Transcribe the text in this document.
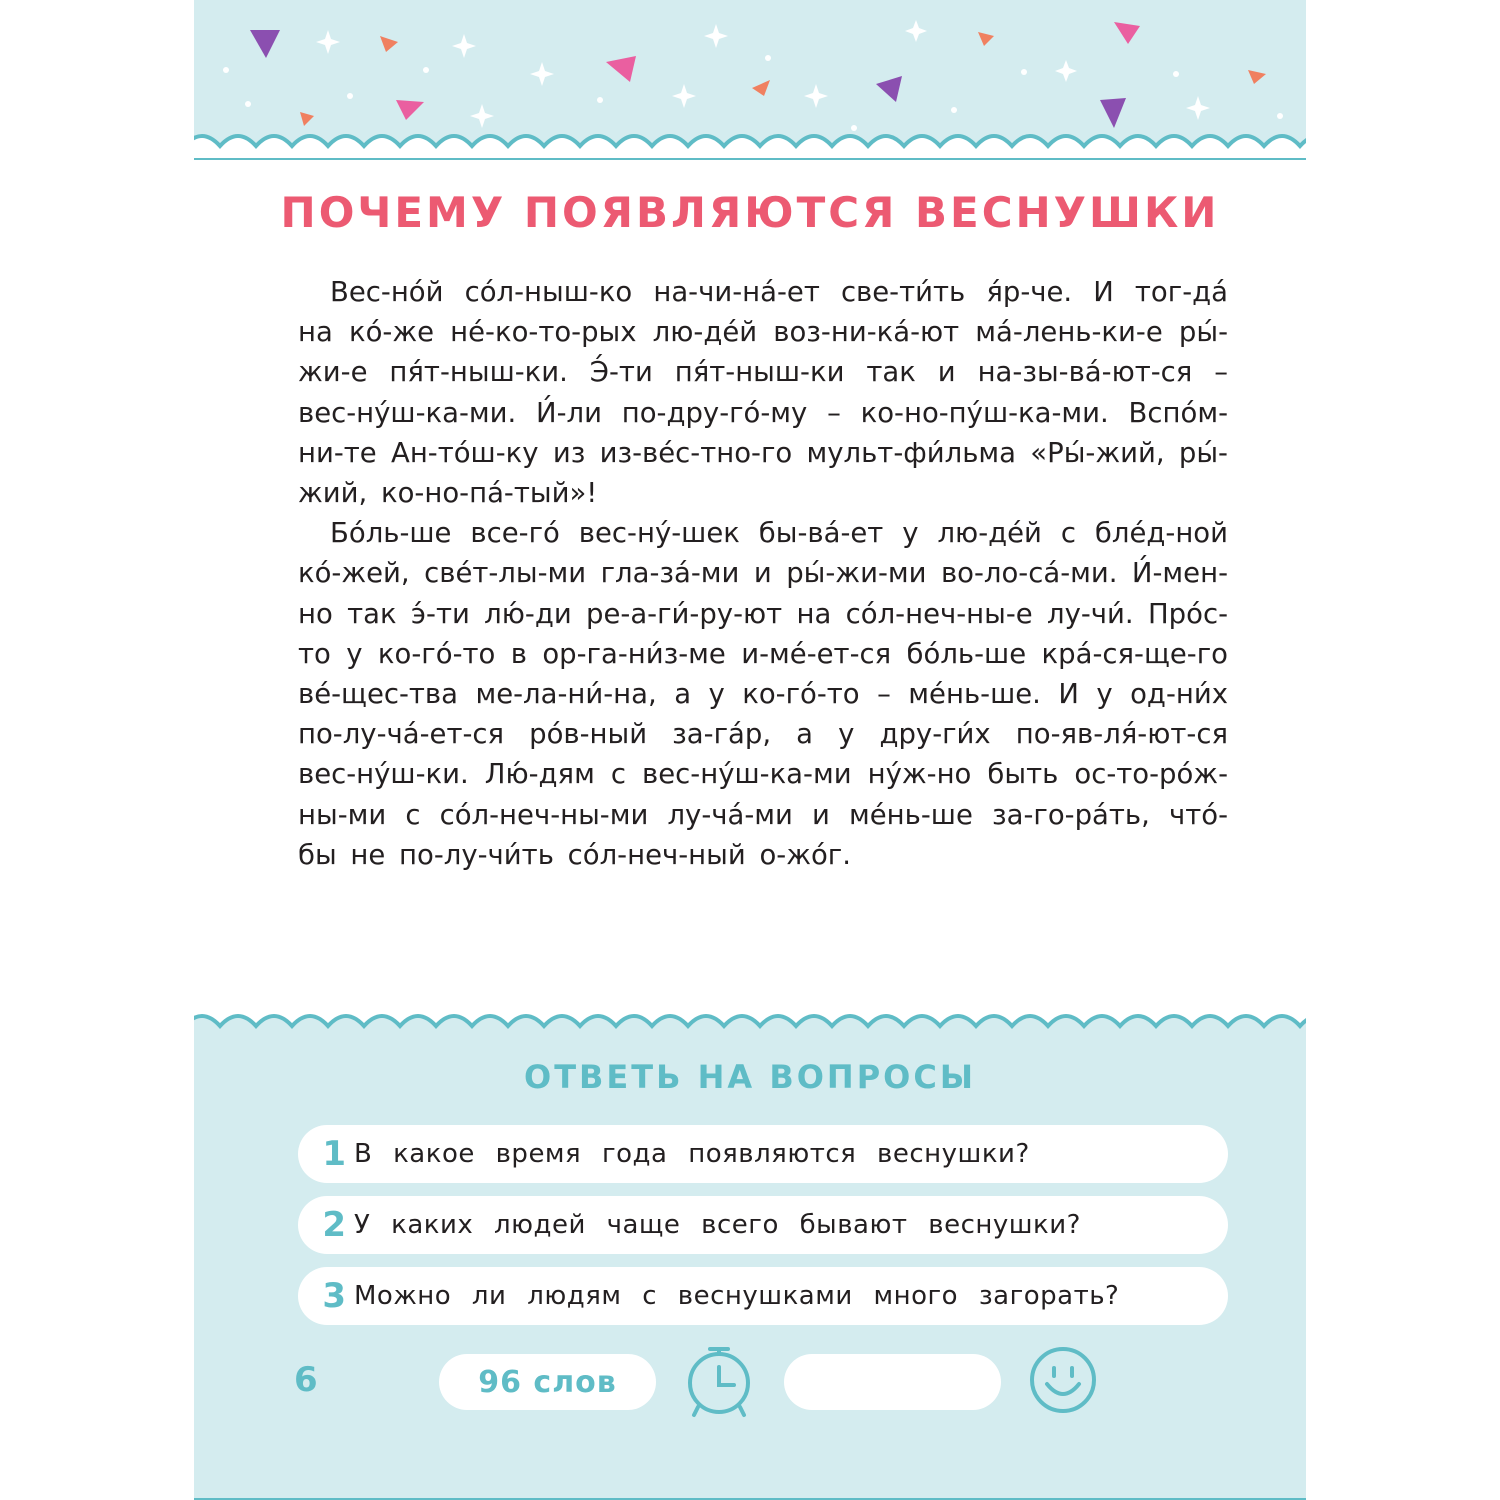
ПОЧЕМУ ПОЯВЛЯЮТСЯ ВЕСНУШКИ

Вес-но́й со́л-ныш-ко на-чи-на́-ет све-ти́ть я́р-че. И тог-да́ на ко́-же не́-ко-то-рых лю-де́й воз-ни-ка́-ют ма́-лень-ки-е ры́-жи-е пя́т-ныш-ки. Э́-ти пя́т-ныш-ки так и на-зы-ва́-ют-ся – вес-ну́ш-ка-ми. И́-ли по-дру-го́-му – ко-но-пу́ш-ка-ми. Вспо́м-ни-те Ан-то́ш-ку из из-ве́с-тно-го мульт-фи́льма «Ры́-жий, ры́-жий, ко-но-па́-тый»!

Бо́ль-ше все-го́ вес-ну́-шек бы-ва́-ет у лю-де́й с бле́д-ной ко́-жей, све́т-лы-ми гла-за́-ми и ры́-жи-ми во-ло-са́-ми. И́-мен-но так э́-ти лю́-ди ре-а-ги́-ру-ют на со́л-неч-ны-е лу-чи́. Про́с-то у ко-го́-то в ор-га-ни́з-ме и-ме́-ет-ся бо́ль-ше кра́-ся-ще-го ве́-щес-тва ме-ла-ни́-на, а у ко-го́-то – ме́нь-ше. И у од-ни́х по-лу-ча́-ет-ся ро́в-ный за-га́р, а у дру-ги́х по-яв-ля́-ют-ся вес-ну́ш-ки. Лю́-дям с вес-ну́ш-ка-ми ну́ж-но быть ос-то-ро́ж-ны-ми с со́л-неч-ны-ми лу-ча́-ми и ме́нь-ше за-го-ра́ть, что́-бы не по-лу-чи́ть со́л-неч-ный о-жо́г.

ОТВЕТЬ НА ВОПРОСЫ
1 В какое время года появляются веснушки?
2 У каких людей чаще всего бывают веснушки?
3 Можно ли людям с веснушками много загорать?
6	96 слов
